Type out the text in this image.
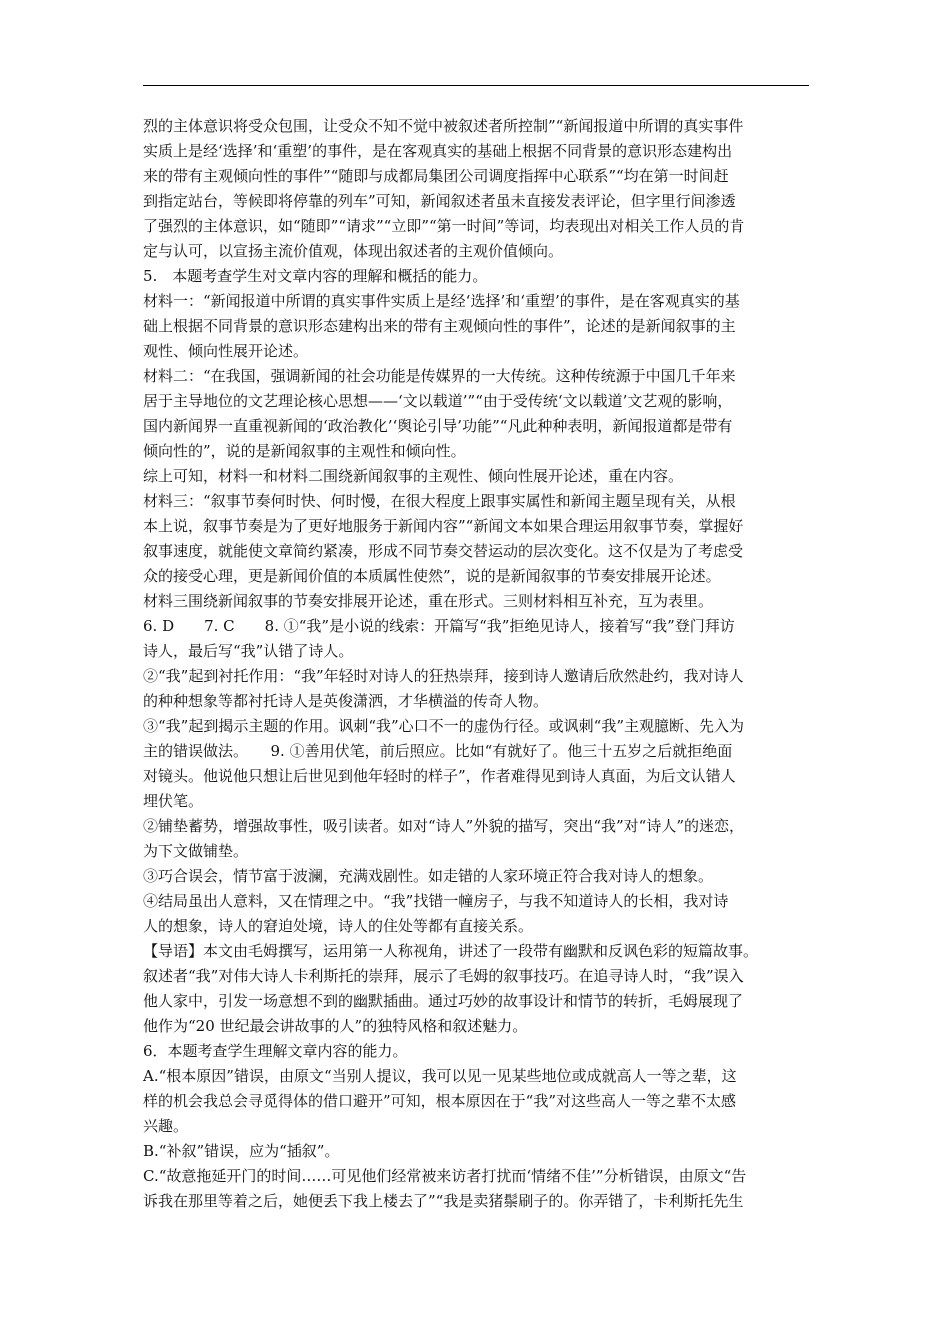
烈的主体意识将受众包围，让受众不知不觉中被叙述者所控制”“新闻报道中所谓的真实事件
实质上是经‘选择’和‘重塑’的事件，是在客观真实的基础上根据不同背景的意识形态建构出
来的带有主观倾向性的事件”“随即与成都局集团公司调度指挥中心联系”“均在第一时间赶
到指定站台，等候即将停靠的列车”可知，新闻叙述者虽未直接发表评论，但字里行间渗透
了强烈的主体意识，如“随即”“请求”“立即”“第一时间”等词，均表现出对相关工作人员的肯
定与认可，以宣扬主流价值观，体现出叙述者的主观价值倾向。
5.　本题考查学生对文章内容的理解和概括的能力。
材料一：“新闻报道中所谓的真实事件实质上是经‘选择’和‘重塑’的事件，是在客观真实的基
础上根据不同背景的意识形态建构出来的带有主观倾向性的事件”，论述的是新闻叙事的主
观性、倾向性展开论述。
材料二：“在我国，强调新闻的社会功能是传媒界的一大传统。这种传统源于中国几千年来
居于主导地位的文艺理论核心思想——‘文以载道’”“由于受传统‘文以载道’文艺观的影响，
国内新闻界一直重视新闻的‘政治教化’‘舆论引导’功能”“凡此种种表明，新闻报道都是带有
倾向性的”，说的是新闻叙事的主观性和倾向性。
综上可知，材料一和材料二围绕新闻叙事的主观性、倾向性展开论述，重在内容。
材料三：“叙事节奏何时快、何时慢，在很大程度上跟事实属性和新闻主题呈现有关，从根
本上说，叙事节奏是为了更好地服务于新闻内容”“新闻文本如果合理运用叙事节奏，掌握好
叙事速度，就能使文章简约紧凑，形成不同节奏交替运动的层次变化。这不仅是为了考虑受
众的接受心理，更是新闻价值的本质属性使然”，说的是新闻叙事的节奏安排展开论述。
材料三围绕新闻叙事的节奏安排展开论述，重在形式。三则材料相互补充，互为表里。
6. D　　7. C　　8. ①“我”是小说的线索：开篇写“我”拒绝见诗人，接着写“我”登门拜访
诗人，最后写“我”认错了诗人。
②“我”起到衬托作用：“我”年轻时对诗人的狂热崇拜，接到诗人邀请后欣然赴约，我对诗人
的种种想象等都衬托诗人是英俊潇洒，才华横溢的传奇人物。
③“我”起到揭示主题的作用。讽刺“我”心口不一的虚伪行径。或讽刺“我”主观臆断、先入为
主的错误做法。　　9. ①善用伏笔，前后照应。比如“有就好了。他三十五岁之后就拒绝面
对镜头。他说他只想让后世见到他年轻时的样子”，作者难得见到诗人真面，为后文认错人
埋伏笔。
②铺垫蓄势，增强故事性，吸引读者。如对“诗人”外貌的描写，突出“我”对“诗人”的迷恋，
为下文做铺垫。
③巧合误会，情节富于波澜，充满戏剧性。如走错的人家环境正符合我对诗人的想象。
④结局虽出人意料，又在情理之中。“我”找错一幢房子，与我不知道诗人的长相，我对诗
人的想象，诗人的窘迫处境，诗人的住处等都有直接关系。
【导语】本文由毛姆撰写，运用第一人称视角，讲述了一段带有幽默和反讽色彩的短篇故事。
叙述者“我”对伟大诗人卡利斯托的崇拜，展示了毛姆的叙事技巧。在追寻诗人时，“我”误入
他人家中，引发一场意想不到的幽默插曲。通过巧妙的故事设计和情节的转折，毛姆展现了
他作为“20 世纪最会讲故事的人”的独特风格和叙述魅力。
6．本题考查学生理解文章内容的能力。
A.“根本原因”错误，由原文“当别人提议，我可以见一见某些地位或成就高人一等之辈，这
样的机会我总会寻觅得体的借口避开”可知，根本原因在于“我”对这些高人一等之辈不太感
兴趣。
B.“补叙”错误，应为“插叙”。
C.“故意拖延开门的时间……可见他们经常被来访者打扰而‘情绪不佳’”分析错误，由原文“告
诉我在那里等着之后，她便丢下我上楼去了”“我是卖猪鬃刷子的。你弄错了，卡利斯托先生
